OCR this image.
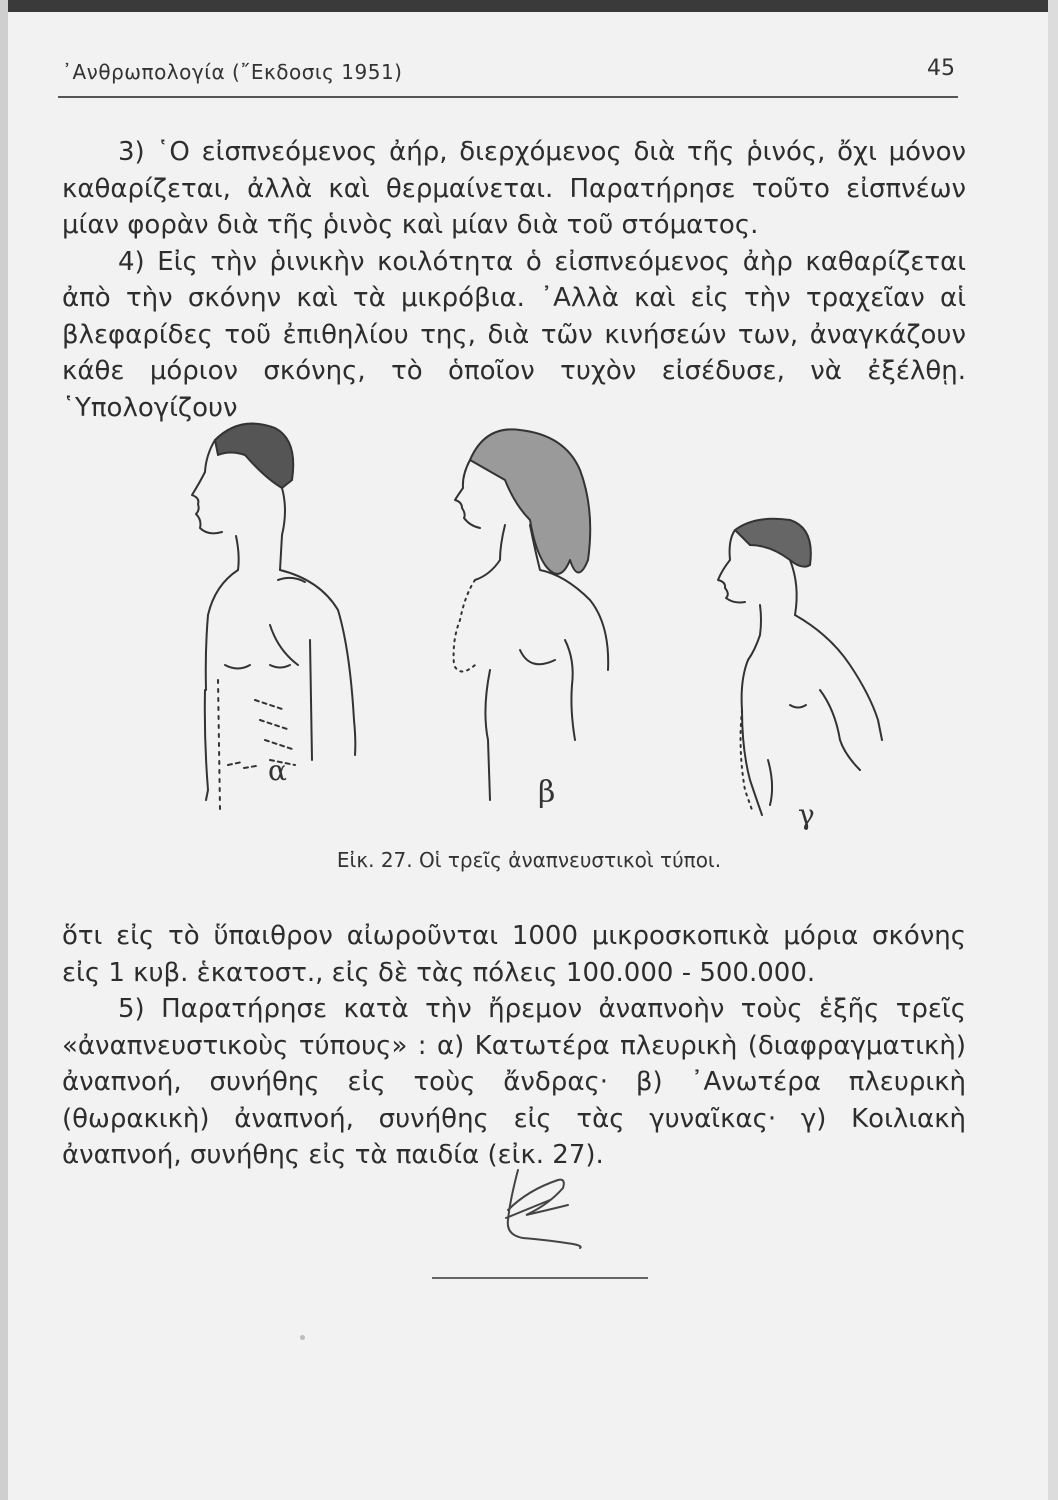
᾿Ανθρωπολογία (῎Εκδοσις 1951)	45

3) ῾Ο εἰσπνεόμενος ἀήρ, διερχόμενος διὰ τῆς ῥινός, ὄχι μόνον καθαρίζεται, ἀλλὰ καὶ θερμαίνεται. Παρατήρησε τοῦτο εἰσπνέων μίαν φορὰν διὰ τῆς ῥινὸς καὶ μίαν διὰ τοῦ στόματος.

4) Εἰς τὴν ῥινικὴν κοιλότητα ὁ εἰσπνεόμενος ἀὴρ καθαρίζεται ἀπὸ τὴν σκόνην καὶ τὰ μικρόβια. ᾿Αλλὰ καὶ εἰς τὴν τραχεῖαν αἱ βλεφαρίδες τοῦ ἐπιθηλίου της, διὰ τῶν κινήσεών των, ἀναγκάζουν κάθε μόριον σκόνης, τὸ ὁποῖον τυχὸν εἰσέδυσε, νὰ ἐξέλθῃ. ῾Υπολογίζουν

α
β
γ
Εἰκ. 27. Οἱ τρεῖς ἀναπνευστικοὶ τύποι.

ὅτι εἰς τὸ ὕπαιθρον αἰωροῦνται 1000 μικροσκοπικὰ μόρια σκόνης εἰς 1 κυβ. ἑκατοστ., εἰς δὲ τὰς πόλεις 100.000 - 500.000.

5) Παρατήρησε κατὰ τὴν ἤρεμον ἀναπνοὴν τοὺς ἑξῆς τρεῖς «ἀναπνευστικοὺς τύπους» : α) Κατωτέρα πλευρικὴ (διαφραγματικὴ) ἀναπνοή, συνήθης εἰς τοὺς ἄνδρας· β) ᾿Ανωτέρα πλευρικὴ (θωρακικὴ) ἀναπνοή, συνήθης εἰς τὰς γυναῖκας· γ) Κοιλιακὴ ἀναπνοή, συνήθης εἰς τὰ παιδία (εἰκ. 27).
